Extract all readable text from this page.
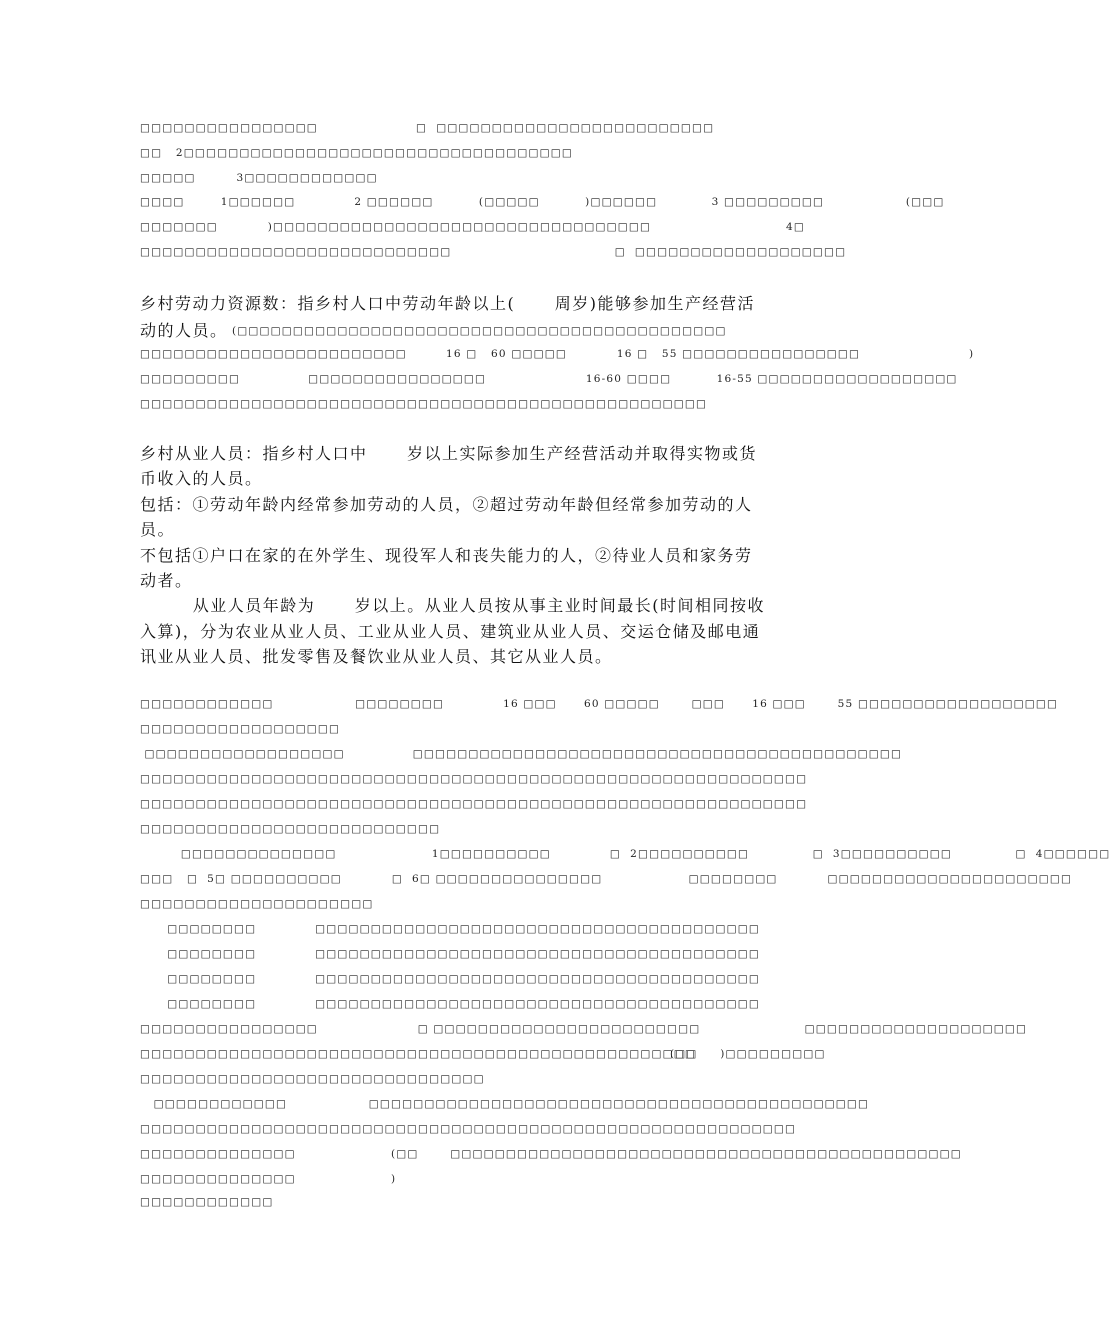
□□□□□□□□□□□□□□□□	□  □□□□□□□□□□□□□□□□□□□□□□□□□
□□   2□□□□□□□□□□□□□□□□□□□□□□□□□□□□□□□□□□□
□□□□□         3□□□□□□□□□□□□
□□□□        1□□□□□□             2 □□□□□□          (□□□□□          )□□□□□□            3 □□□□□□□□□                  (□□□
□□□□□□□           )□□□□□□□□□□□□□□□□□□□□□□□□□□□□□□□□□□	4□
□□□□□□□□□□□□□□□□□□□□□□□□□□□□                                    □  □□□□□□□□□□□□□□□□□□□
乡村劳动力资源数：指乡村人口中劳动年龄以上(      周岁)能够参加生产经营活
动的人员。 (□□□□□□□□□□□□□□□□□□□□□□□□□□□□□□□□□□□□□□□□□□□□
□□□□□□□□□□□□□□□□□□□□□□□□	16 □   60 □□□□□           16 □   55 □□□□□□□□□□□□□□□□                        )
□□□□□□□□□               □□□□□□□□□□□□□□□□                      16-60 □□□□          16-55 □□□□□□□□□□□□□□□□□□
□□□□□□□□□□□□□□□□□□□□□□□□□□□□□□□□□□□□□□□□□□□□□□□□□□□
乡村从业人员：指乡村人口中      岁以上实际参加生产经营活动并取得实物或货
币收入的人员。
包括：①劳动年龄内经常参加劳动的人员，②超过劳动年龄但经常参加劳动的人
员。
不包括①户口在家的在外学生、现役军人和丧失能力的人，②待业人员和家务劳
动者。
从业人员年龄为      岁以上。从业人员按从事主业时间最长(时间相同按收
入算)，分为农业从业人员、工业从业人员、建筑业从业人员、交运仓储及邮电通
讯业从业人员、批发零售及餐饮业从业人员、其它从业人员。
□□□□□□□□□□□□                  □□□□□□□□             16 □□□      60 □□□□□       □□□      16 □□□       55 □□□□□□□□□□□□□□□□□□
□□□□□□□□□□□□□□□□□□
□□□□□□□□□□□□□□□□□□               □□□□□□□□□□□□□□□□□□□□□□□□□□□□□□□□□□□□□□□□□□□□
□□□□□□□□□□□□□□□□□□□□□□□□□□□□□□□□□□□□□□□□□□□□□□□□□□□□□□□□□□□□
□□□□□□□□□□□□□□□□□□□□□□□□□□□□□□□□□□□□□□□□□□□□□□□□□□□□□□□□□□□□
□□□□□□□□□□□□□□□□□□□□□□□□□□□
□□□□□□□□□□□□□□                     1□□□□□□□□□□             □  2□□□□□□□□□□              □  3□□□□□□□□□□              □  4□□□□□□
□□□   □  5□ □□□□□□□□□□           □  6□ □□□□□□□□□□□□□□□                   □□□□□□□□           □□□□□□□□□□□□□□□□□□□□□□
□□□□□□□□□□□□□□□□□□□□□
□□□□□□□□             □□□□□□□□□□□□□□□□□□□□□□□□□□□□□□□□□□□□□□□□
□□□□□□□□             □□□□□□□□□□□□□□□□□□□□□□□□□□□□□□□□□□□□□□□□
□□□□□□□□             □□□□□□□□□□□□□□□□□□□□□□□□□□□□□□□□□□□□□□□□
□□□□□□□□             □□□□□□□□□□□□□□□□□□□□□□□□□□□□□□□□□□□□□□□□
□□□□□□□□□□□□□□□□                      □ □□□□□□□□□□□□□□□□□□□□□□□□                       □□□□□□□□□□□□□□□□□□□□
□□□□□□□□□□□□□□□□□□□□□□□□□□□□□□□□□□□□□□□□□□□□□□□□□□
(□□     )□□□□□□□□□
□□□□□□□□□□□□□□□□□□□□□□□□□□□□□□□
□□□□□□□□□□□□                  □□□□□□□□□□□□□□□□□□□□□□□□□□□□□□□□□□□□□□□□□□□□□
□□□□□□□□□□□□□□□□□□□□□□□□□□□□□□□□□□□□□□□□□□□□□□□□□□□□□□□□□□□
□□□□□□□□□□□□□□                     (□□       □□□□□□□□□□□□□□□□□□□□□□□□□□□□□□□□□□□□□□□□□□□□□□
□□□□□□□□□□□□□□                     )
□□□□□□□□□□□□
